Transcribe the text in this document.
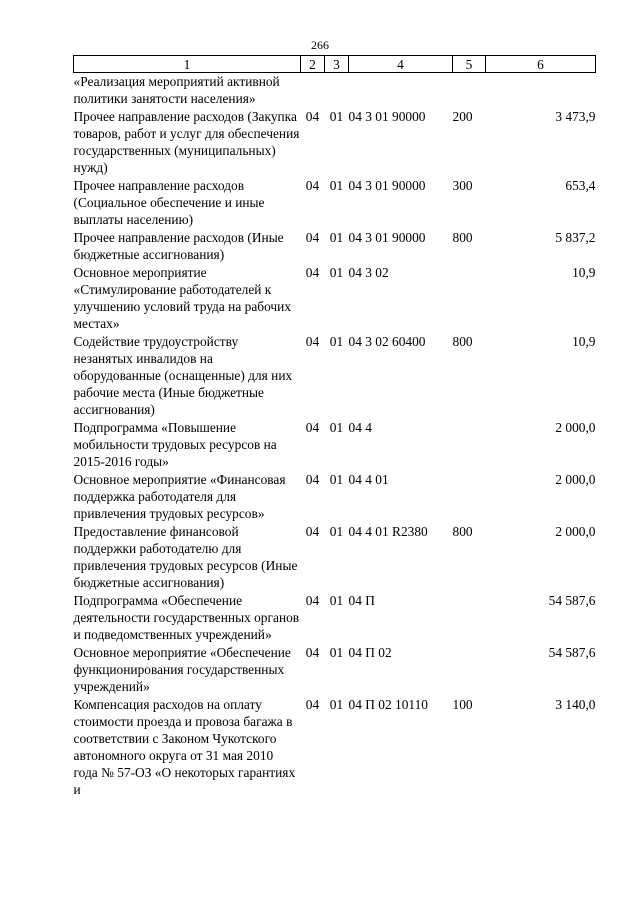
266
1	2	3	4	5	6
«Реализация мероприятий активной политики занятости населения»					
Прочее направление расходов (Закупка товаров, работ и услуг для обеспечения государственных (муниципальных) нужд)	04	01	04 3 01 90000	200	3 473,9
Прочее направление расходов (Социальное обеспечение и иные выплаты населению)	04	01	04 3 01 90000	300	653,4
Прочее направление расходов (Иные бюджетные ассигнования)	04	01	04 3 01 90000	800	5 837,2
Основное мероприятие «Стимулирование работодателей к улучшению условий труда на рабочих местах»	04	01	04 3 02		10,9
Содействие трудоустройству незанятых инвалидов на оборудованные (оснащенные) для них рабочие места (Иные бюджетные ассигнования)	04	01	04 3 02 60400	800	10,9
Подпрограмма «Повышение мобильности трудовых ресурсов на 2015-2016 годы»	04	01	04 4		2 000,0
Основное мероприятие «Финансовая поддержка работодателя для привлечения трудовых ресурсов»	04	01	04 4 01		2 000,0
Предоставление финансовой поддержки работодателю для привлечения трудовых ресурсов (Иные бюджетные ассигнования)	04	01	04 4 01 R2380	800	2 000,0
Подпрограмма «Обеспечение деятельности государственных органов и подведомственных учреждений»	04	01	04 П		54 587,6
Основное мероприятие «Обеспечение функционирования государственных учреждений»	04	01	04 П 02		54 587,6
Компенсация расходов на оплату стоимости проезда и провоза багажа в соответствии с Законом Чукотского автономного округа от 31 мая 2010 года № 57-ОЗ «О некоторых гарантиях и	04	01	04 П 02 10110	100	3 140,0
